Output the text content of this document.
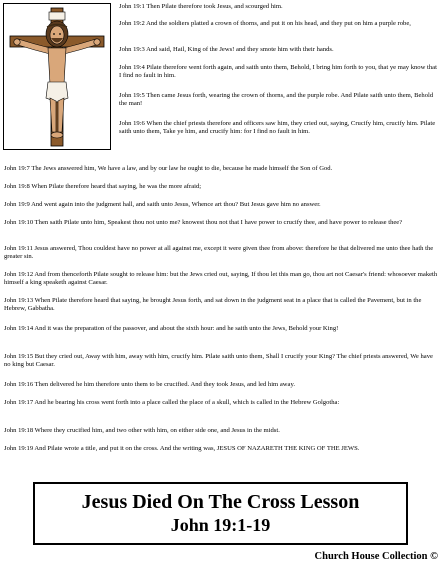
John 19:1 Then Pilate therefore took Jesus, and scourged him.

John 19:2 And the soldiers platted a crown of thorns, and put it on his head, and they put on him a purple robe,

John 19:3 And said, Hail, King of the Jews! and they smote him with their hands.

John 19:4 Pilate therefore went forth again, and saith unto them, Behold, I bring him forth to you, that ye may know that I find no fault in him.

John 19:5 Then came Jesus forth, wearing the crown of thorns, and the purple robe. And Pilate saith unto them, Behold the man!

John 19:6 When the chief priests therefore and officers saw him, they cried out, saying, Crucify him, crucify him. Pilate saith unto them, Take ye him, and crucify him: for I find no fault in him.

John 19:7 The Jews answered him, We have a law, and by our law he ought to die, because he made himself the Son of God.

John 19:8 When Pilate therefore heard that saying, he was the more afraid;

John 19:9 And went again into the judgment hall, and saith unto Jesus, Whence art thou? But Jesus gave him no answer.

John 19:10 Then saith Pilate unto him, Speakest thou not unto me? knowest thou not that I have power to crucify thee, and have power to release thee?

John 19:11 Jesus answered, Thou couldest have no power at all against me, except it were given thee from above: therefore he that delivered me unto thee hath the greater sin.

John 19:12 And from thenceforth Pilate sought to release him: but the Jews cried out, saying, If thou let this man go, thou art not Caesar's friend: whosoever maketh himself a king speaketh against Caesar.

John 19:13 When Pilate therefore heard that saying, he brought Jesus forth, and sat down in the judgment seat in a place that is called the Pavement, but in the Hebrew, Gabbatha.

John 19:14 And it was the preparation of the passover, and about the sixth hour: and he saith unto the Jews, Behold your King!

John 19:15 But they cried out, Away with him, away with him, crucify him. Pilate saith unto them, Shall I crucify your King? The chief priests answered, We have no king but Caesar.

John 19:16 Then delivered he him therefore unto them to be crucified. And they took Jesus, and led him away.

John 19:17 And he bearing his cross went forth into a place called the place of a skull, which is called in the Hebrew Golgotha:

John 19:18 Where they crucified him, and two other with him, on either side one, and Jesus in the midst.

John 19:19 And Pilate wrote a title, and put it on the cross. And the writing was, JESUS OF NAZARETH THE KING OF THE JEWS.

Jesus Died On The Cross Lesson
John 19:1-19
Church House Collection ©
